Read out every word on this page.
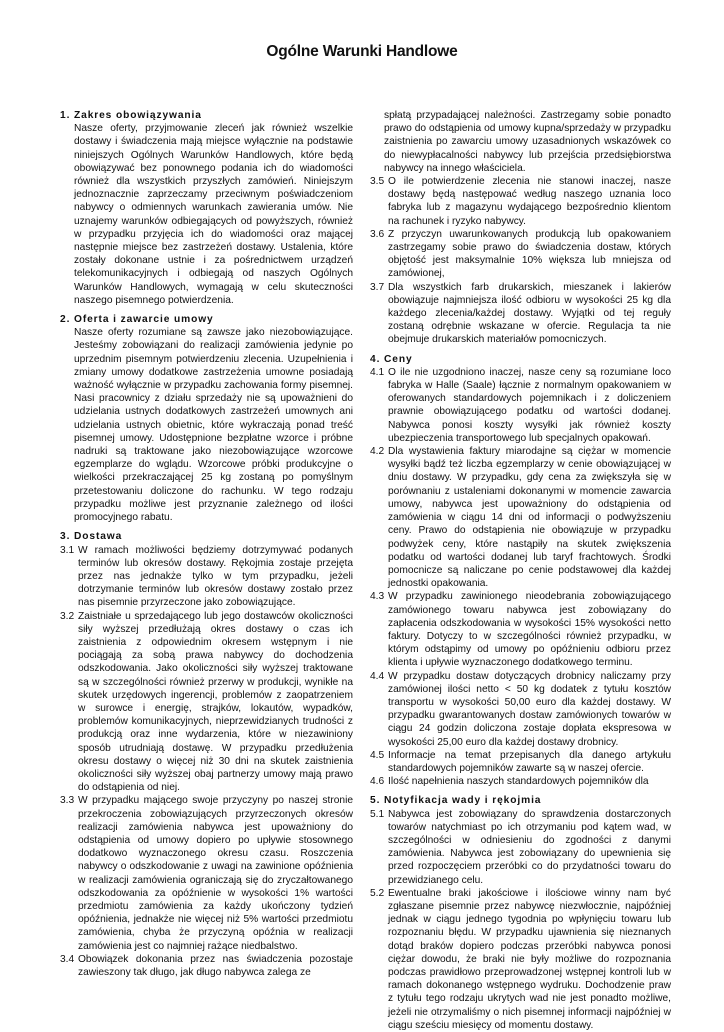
Ogólne Warunki Handlowe
1. Zakres obowiązywania

Nasze oferty, przyjmowanie zleceń jak również wszelkie dostawy i świadczenia mają miejsce wyłącznie na podstawie niniejszych Ogólnych Warunków Handlowych, które będą obowiązywać bez ponownego podania ich do wiadomości również dla wszystkich przyszłych zamówień. Niniejszym jednoznacznie zaprzeczamy przeciwnym poświadczeniom nabywcy o odmiennych warunkach zawierania umów. Nie uznajemy warunków odbiegających od powyższych, również w przypadku przyjęcia ich do wiadomości oraz mającej następnie miejsce bez zastrzeżeń dostawy. Ustalenia, które zostały dokonane ustnie i za pośrednictwem urządzeń telekomunikacyjnych i odbiegają od naszych Ogólnych Warunków Handlowych, wymagają w celu skuteczności naszego pisemnego potwierdzenia.

2. Oferta i zawarcie umowy

Nasze oferty rozumiane są zawsze jako niezobowiązujące. Jesteśmy zobowiązani do realizacji zamówienia jedynie po uprzednim pisemnym potwierdzeniu zlecenia. Uzupełnienia i zmiany umowy dodatkowe zastrzeżenia umowne posiadają ważność wyłącznie w przypadku zachowania formy pisemnej. Nasi pracownicy z działu sprzedaży nie są upoważnieni do udzielania ustnych dodatkowych zastrzeżeń umownych ani udzielania ustnych obietnic, które wykraczają ponad treść pisemnej umowy. Udostępnione bezpłatne wzorce i próbne nadruki są traktowane jako niezobowiązujące wzorcowe egzemplarze do wglądu. Wzorcowe próbki produkcyjne o wielkości przekraczającej 25 kg zostaną po pomyślnym przetestowaniu doliczone do rachunku. W tego rodzaju przypadku możliwe jest przyznanie zależnego od ilości promocyjnego rabatu.

3. Dostawa
3.1 W ramach możliwości będziemy dotrzymywać podanych terminów lub okresów dostawy. Rękojmia zostaje przejęta przez nas jednakże tylko w tym przypadku, jeżeli dotrzymanie terminów lub okresów dostawy zostało przez nas pisemnie przyrzeczone jako zobowiązujące.
3.2 Zaistniałe u sprzedającego lub jego dostawców okoliczności siły wyższej przedłużają okres dostawy o czas ich zaistnienia z odpowiednim okresem wstępnym i nie pociągają za sobą prawa nabywcy do dochodzenia odszkodowania. Jako okoliczności siły wyższej traktowane są w szczególności również przerwy w produkcji, wynikłe na skutek urzędowych ingerencji, problemów z zaopatrzeniem w surowce i energię, strajków, lokautów, wypadków, problemów komunikacyjnych, nieprzewidzianych trudności z produkcją oraz inne wydarzenia, które w niezawiniony sposób utrudniają dostawę. W przypadku przedłużenia okresu dostawy o więcej niż 30 dni na skutek zaistnienia okoliczności siły wyższej obaj partnerzy umowy mają prawo do odstąpienia od niej.
3.3 W przypadku mającego swoje przyczyny po naszej stronie przekroczenia zobowiązujących przyrzeczonych okresów realizacji zamówienia nabywca jest upoważniony do odstąpienia od umowy dopiero po upływie stosownego dodatkowo wyznaczonego okresu czasu. Roszczenia nabywcy o odszkodowanie z uwagi na zawinione opóźnienia w realizacji zamówienia ograniczają się do zryczałtowanego odszkodowania za opóźnienie w wysokości 1% wartości przedmiotu zamówienia za każdy ukończony tydzień opóźnienia, jednakże nie więcej niż 5% wartości przedmiotu zamówienia, chyba że przyczyną opóźnia w realizacji zamówienia jest co najmniej rażące niedbalstwo.
3.4 Obowiązek dokonania przez nas świadczenia pozostaje zawieszony tak długo, jak długo nabywca zalega ze

spłatą przypadającej należności. Zastrzegamy sobie ponadto prawo do odstąpienia od umowy kupna/sprzedaży w przypadku zaistnienia po zawarciu umowy uzasadnionych wskazówek co do niewypłacalności nabywcy lub przejścia przedsiębiorstwa nabywcy na innego właściciela.

3.5 O ile potwierdzenie zlecenia nie stanowi inaczej, nasze dostawy będą następować według naszego uznania loco fabryka lub z magazynu wydającego bezpośrednio klientom na rachunek i ryzyko nabywcy.
3.6 Z przyczyn uwarunkowanych produkcją lub opakowaniem zastrzegamy sobie prawo do świadczenia dostaw, których objętość jest maksymalnie 10% większa lub mniejsza od zamówionej,
3.7 Dla wszystkich farb drukarskich, mieszanek i lakierów obowiązuje najmniejsza ilość odbioru w wysokości 25 kg dla każdego zlecenia/każdej dostawy. Wyjątki od tej reguły zostaną odrębnie wskazane w ofercie. Regulacja ta nie obejmuje drukarskich materiałów pomocniczych.
4. Ceny
4.1 O ile nie uzgodniono inaczej, nasze ceny są rozumiane loco fabryka w Halle (Saale) łącznie z normalnym opakowaniem w oferowanych standardowych pojemnikach i z doliczeniem prawnie obowiązującego podatku od wartości dodanej. Nabywca ponosi koszty wysyłki jak również koszty ubezpieczenia transportowego lub specjalnych opakowań.
4.2 Dla wystawienia faktury miarodajne są ciężar w momencie wysyłki bądź też liczba egzemplarzy w cenie obowiązującej w dniu dostawy. W przypadku, gdy cena za zwiększyła się w porównaniu z ustaleniami dokonanymi w momencie zawarcia umowy, nabywca jest upoważniony do odstąpienia od zamówienia w ciągu 14 dni od informacji o podwyższeniu ceny. Prawo do odstąpienia nie obowiązuje w przypadku podwyżek ceny, które nastąpiły na skutek zwiększenia podatku od wartości dodanej lub taryf frachtowych. Środki pomocnicze są naliczane po cenie podstawowej dla każdej jednostki opakowania.
4.3 W przypadku zawinionego nieodebrania zobowiązującego zamówionego towaru nabywca jest zobowiązany do zapłacenia odszkodowania w wysokości 15% wysokości netto faktury. Dotyczy to w szczególności również przypadku, w którym odstąpimy od umowy po opóźnieniu odbioru przez klienta i upływie wyznaczonego dodatkowego terminu.
4.4 W przypadku dostaw dotyczących drobnicy naliczamy przy zamówionej ilości netto < 50 kg dodatek z tytułu kosztów transportu w wysokości 50,00 euro dla każdej dostawy. W przypadku gwarantowanych dostaw zamówionych towarów w ciągu 24 godzin doliczona zostaje dopłata ekspresowa w wysokości 25,00 euro dla każdej dostawy drobnicy.
4.5 Informacje na temat przepisanych dla danego artykułu standardowych pojemników zawarte są w naszej ofercie.
4.6 Ilość napełnienia naszych standardowych pojemników dla
5. Notyfikacja wady i rękojmia
5.1 Nabywca jest zobowiązany do sprawdzenia dostarczonych towarów natychmiast po ich otrzymaniu pod kątem wad, w szczególności w odniesieniu do zgodności z danymi zamówienia. Nabywca jest zobowiązany do upewnienia się przed rozpoczęciem przeróbki co do przydatności towaru do przewidzianego celu.
5.2 Ewentualne braki jakościowe i ilościowe winny nam być zgłaszane pisemnie przez nabywcę niezwłocznie, najpóźniej jednak w ciągu jednego tygodnia po wpłynięciu towaru lub rozpoznaniu błędu. W przypadku ujawnienia się nieznanych dotąd braków dopiero podczas przeróbki nabywca ponosi ciężar dowodu, że braki nie były możliwe do rozpoznania podczas prawidłowo przeprowadzonej wstępnej kontroli lub w ramach dokonanego wstępnego wydruku. Dochodzenie praw z tytułu tego rodzaju ukrytych wad nie jest ponadto możliwe, jeżeli nie otrzymaliśmy o nich pisemnej informacji najpóźniej w ciągu sześciu miesięcy od momentu dostawy.
